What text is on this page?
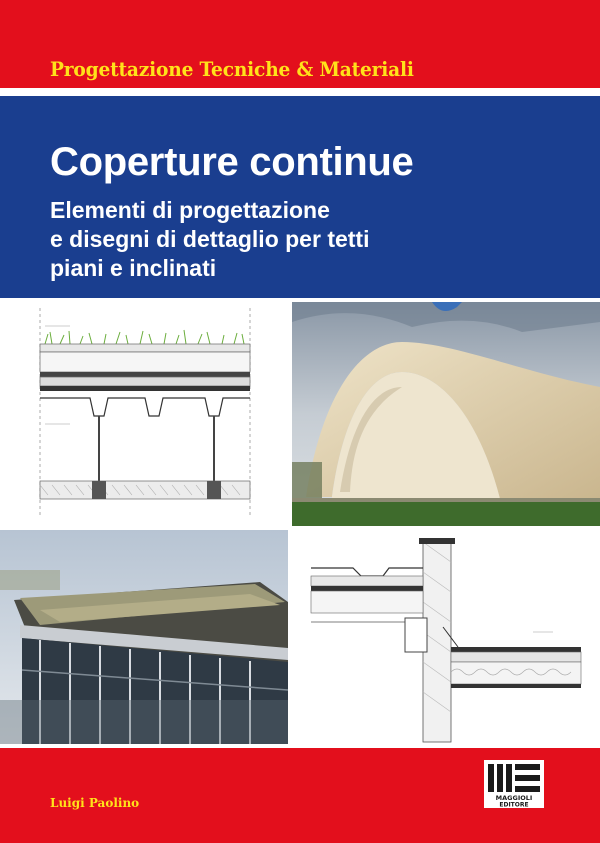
Progettazione Tecniche & Materiali
Coperture continue
Elementi di progettazione
e disegni di dettaglio per tetti
piani e inclinati
Luigi Paolino	MAGGIOLI
EDITORE
